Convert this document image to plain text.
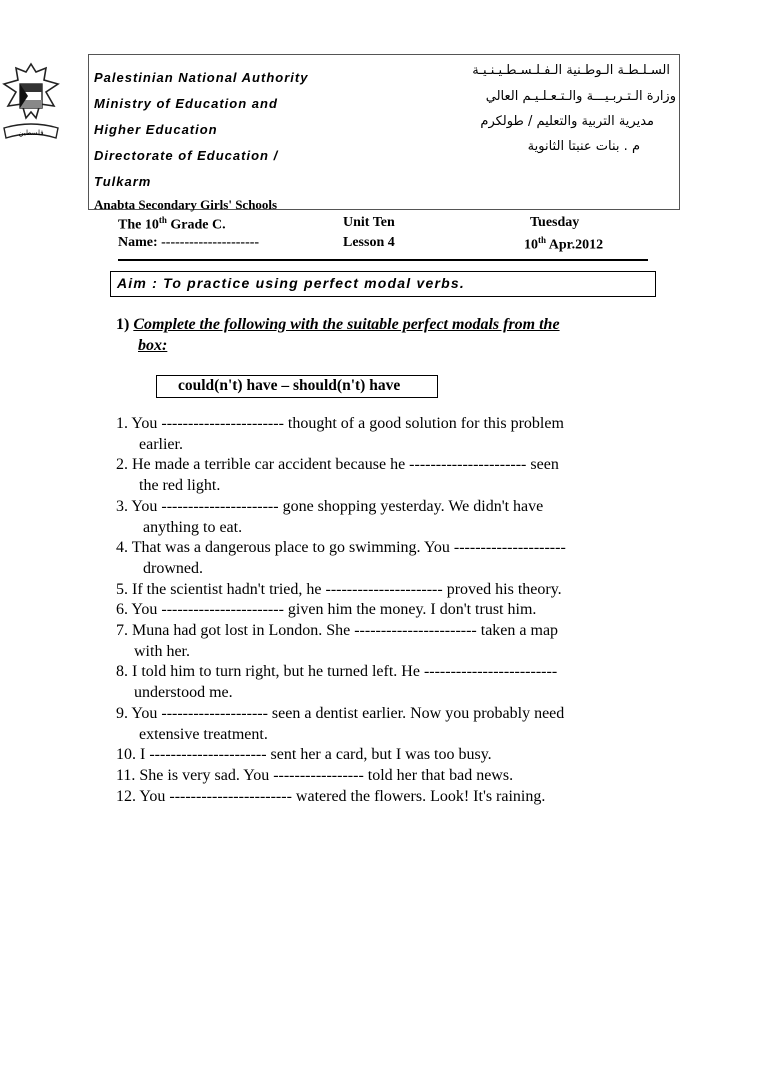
فلسطين
Palestinian National Authority
Ministry of Education and
Higher Education
Directorate of Education /
Tulkarm
السـلـطـة الـوطـنية الـفـلـسـطـيـنـيـة
وزارة الـتـربـيـــة والـتـعـلـيـم العالي
مديرية التربية والتعليم / طولكرم
م . بنات عنبتا الثانوية
Anabta Secondary Girls' Schools
The 10th Grade C.	Unit Ten	Tuesday
Name: ---------------------	Lesson 4	10th Apr.2012
Aim : To practice using perfect modal verbs.
1) Complete the following with the suitable perfect modals from the
box:
could(n't) have – should(n't) have
1. You ----------------------- thought of a good solution for this problem
earlier.
2. He made a terrible car accident because he ---------------------- seen
the red light.
3. You ---------------------- gone shopping yesterday. We didn't have
anything to eat.
4. That was a dangerous place to go swimming. You ---------------------
drowned.
5. If the scientist hadn't tried, he ---------------------- proved his theory.
6. You ----------------------- given him the money. I don't trust him.
7. Muna had got lost in London. She ----------------------- taken a map
with her.
8. I told him to turn right, but he turned left. He -------------------------
understood me.
9. You -------------------- seen a dentist earlier. Now you probably need
extensive treatment.
10. I ---------------------- sent her a card, but I was too busy.
11. She is very sad. You ----------------- told her that bad news.
12. You ----------------------- watered the flowers. Look! It's raining.
